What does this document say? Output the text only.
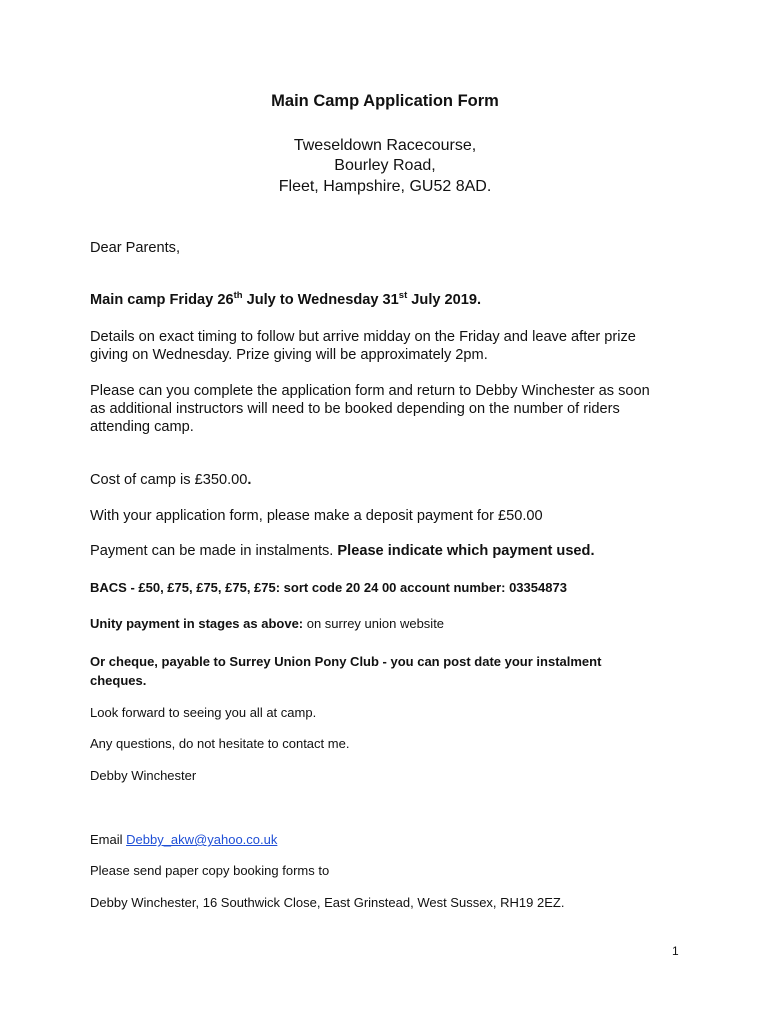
Main Camp Application Form
Tweseldown Racecourse,
Bourley Road,
Fleet, Hampshire, GU52 8AD.
Dear Parents,
Main camp Friday 26th July to Wednesday 31st July 2019.
Details on exact timing to follow but arrive midday on the Friday and leave after prize
giving on Wednesday. Prize giving will be approximately 2pm.
Please can you complete the application form and return to Debby Winchester as soon
as additional instructors will need to be booked depending on the number of riders
attending camp.
Cost of camp is £350.00.
With your application form, please make a deposit payment for £50.00
Payment can be made in instalments. Please indicate which payment used.
BACS - £50, £75, £75, £75, £75: sort code 20 24 00 account number: 03354873
Unity payment in stages as above: on surrey union website
Or cheque, payable to Surrey Union Pony Club - you can post date your instalment
cheques.
Look forward to seeing you all at camp.
Any questions, do not hesitate to contact me.
Debby Winchester
Email Debby_akw@yahoo.co.uk
Please send paper copy booking forms to
Debby Winchester, 16 Southwick Close, East Grinstead, West Sussex, RH19 2EZ.
1
